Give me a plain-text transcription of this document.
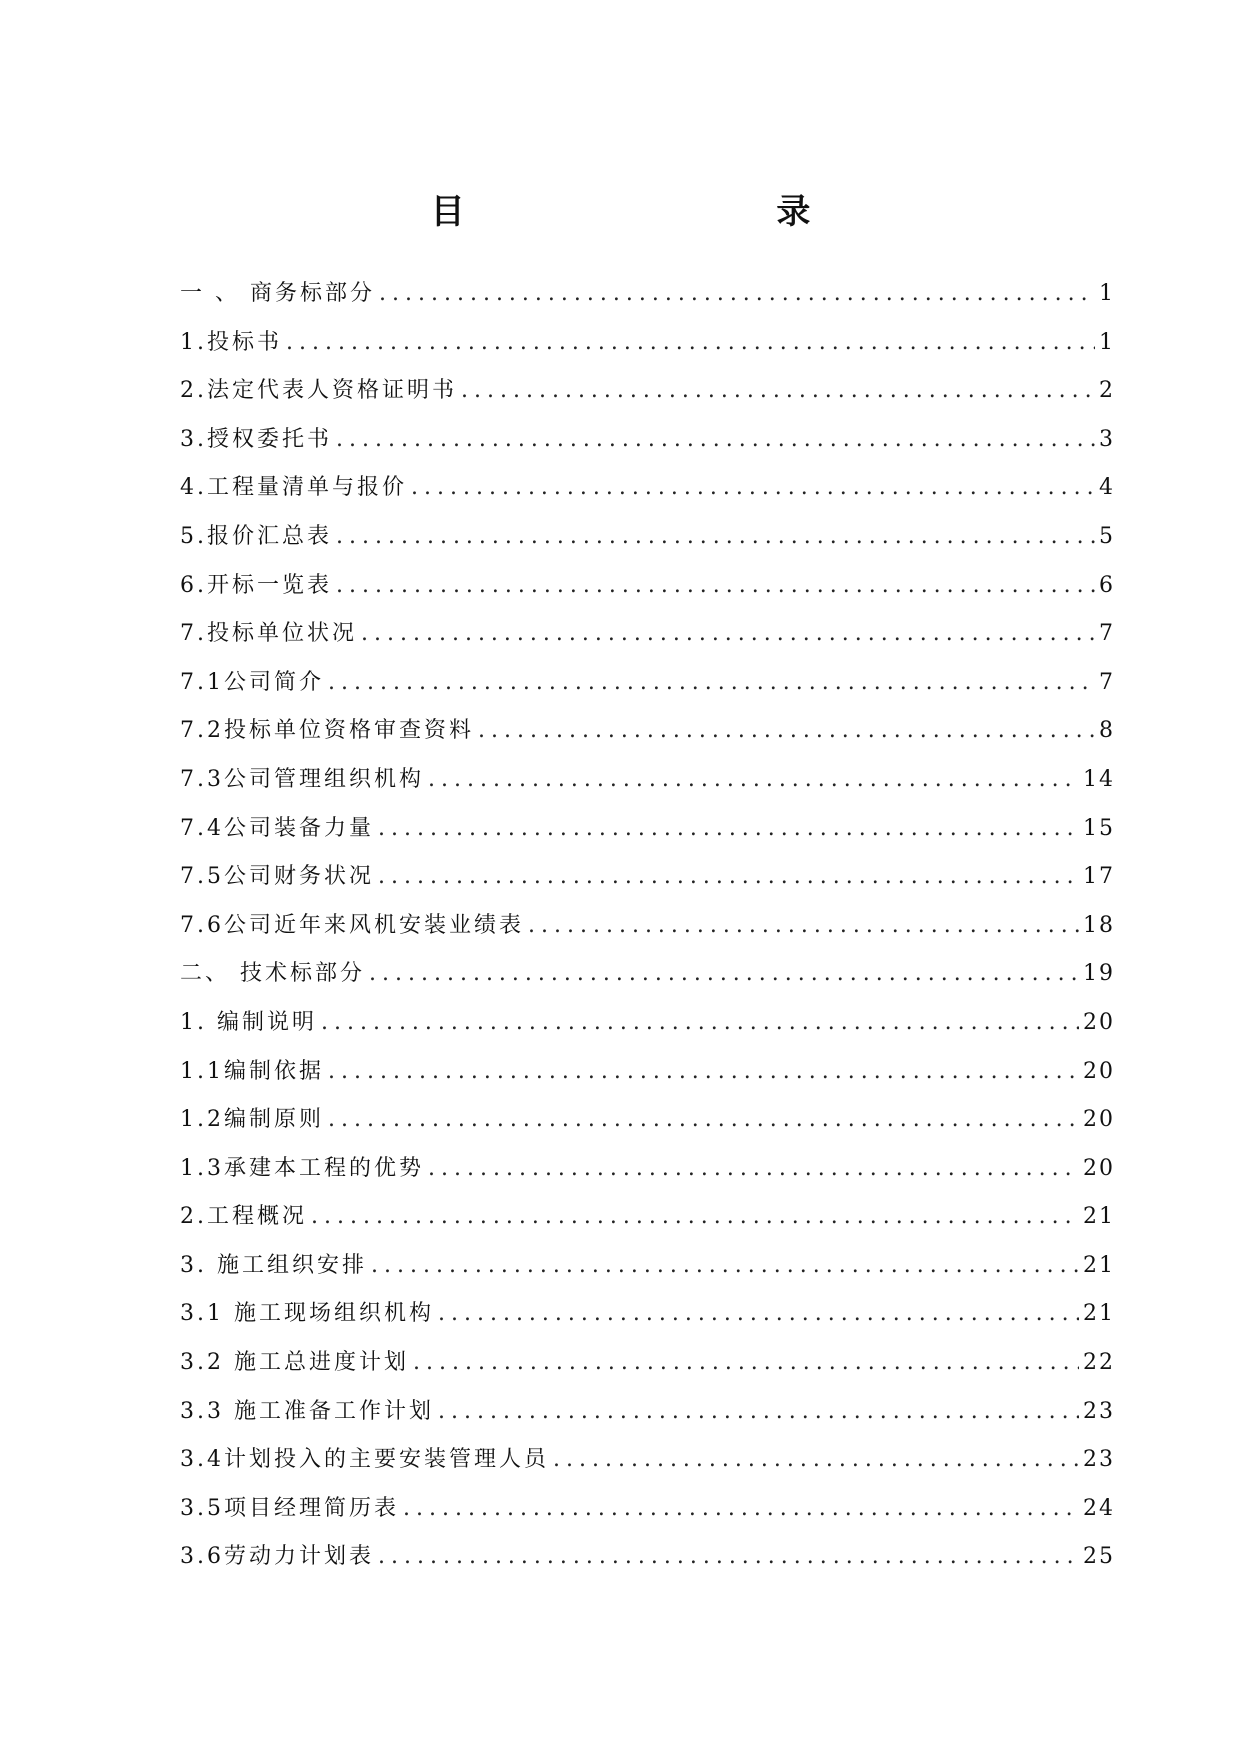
目 录
一 、 商务标部分 .....	1
1.投标书 .....	1
2.法定代表人资格证明书 .....	2
3.授权委托书 .....	3
4.工程量清单与报价 .....	4
5.报价汇总表 .....	5
6.开标一览表 .....	6
7.投标单位状况 .....	7
7.1公司简介 .....	7
7.2投标单位资格审查资料 .....	8
7.3公司管理组织机构 .....	14
7.4公司装备力量 .....	15
7.5公司财务状况 .....	17
7.6公司近年来风机安装业绩表 .....	18
二、 技术标部分 .....	19
1. 编制说明 .....	20
1.1编制依据 .....	20
1.2编制原则 .....	20
1.3承建本工程的优势 .....	20
2.工程概况 .....	21
3. 施工组织安排 .....	21
3.1 施工现场组织机构 .....	21
3.2 施工总进度计划 .....	22
3.3 施工准备工作计划 .....	23
3.4计划投入的主要安装管理人员 .....	23
3.5项目经理简历表 .....	24
3.6劳动力计划表 .....	25
